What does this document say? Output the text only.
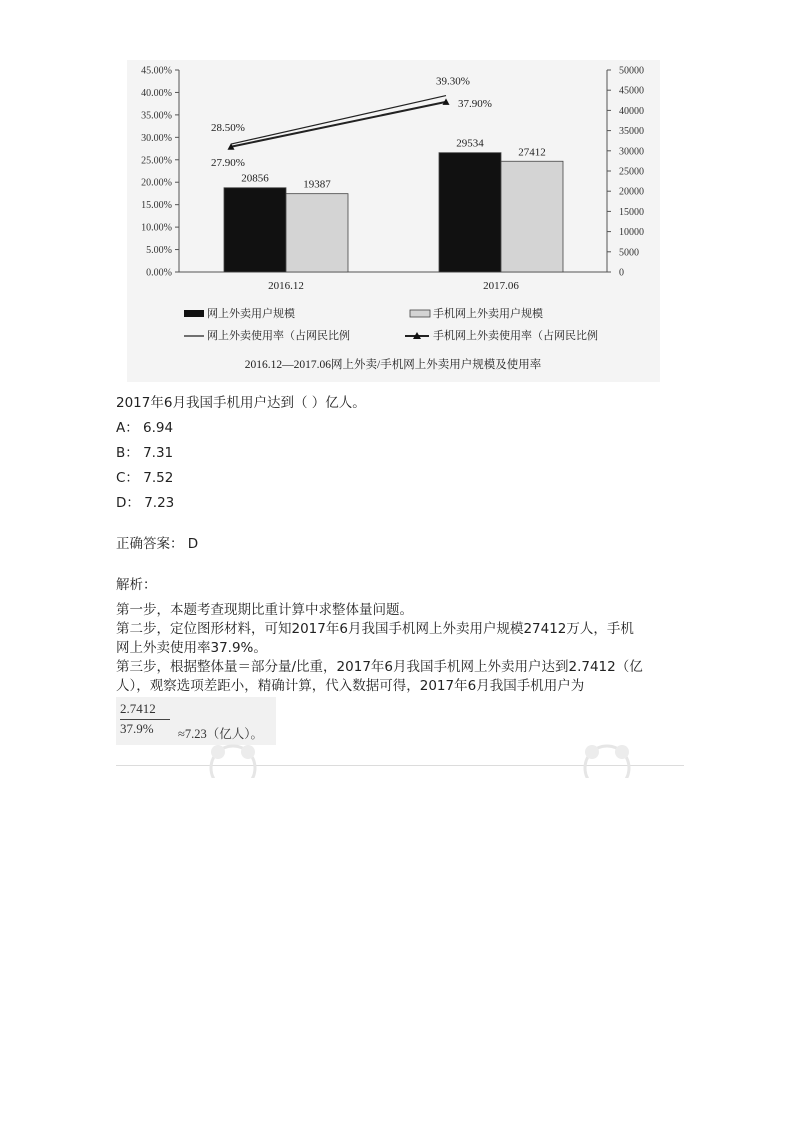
0.00%
5.00%
10.00%
15.00%
20.00%
25.00%
30.00%
35.00%
40.00%
45.00%
0
5000
10000
15000
20000
25000
30000
35000
40000
45000
50000
20856
29534
19387
27412
2016.12	2017.06
28.50%
27.90%
39.30%
37.90%
网上外卖用户规模	手机网上外卖用户规模
网上外卖使用率（占网民比例	手机网上外卖使用率（占网民比例
2016.12—2017.06网上外卖/手机网上外卖用户规模及使用率
2017年6月我国手机用户达到（ ）亿人。
A： 6.94
B： 7.31
C： 7.52
D： 7.23
正确答案： D
解析：
第一步，本题考查现期比重计算中求整体量问题。
第二步，定位图形材料，可知2017年6月我国手机网上外卖用户规模27412万人，手机
网上外卖使用率37.9%。
第三步，根据整体量＝部分量/比重，2017年6月我国手机网上外卖用户达到2.7412（亿
人），观察选项差距小，精确计算，代入数据可得，2017年6月我国手机用户为
2.7412
37.9% ≈7.23（亿人）。
